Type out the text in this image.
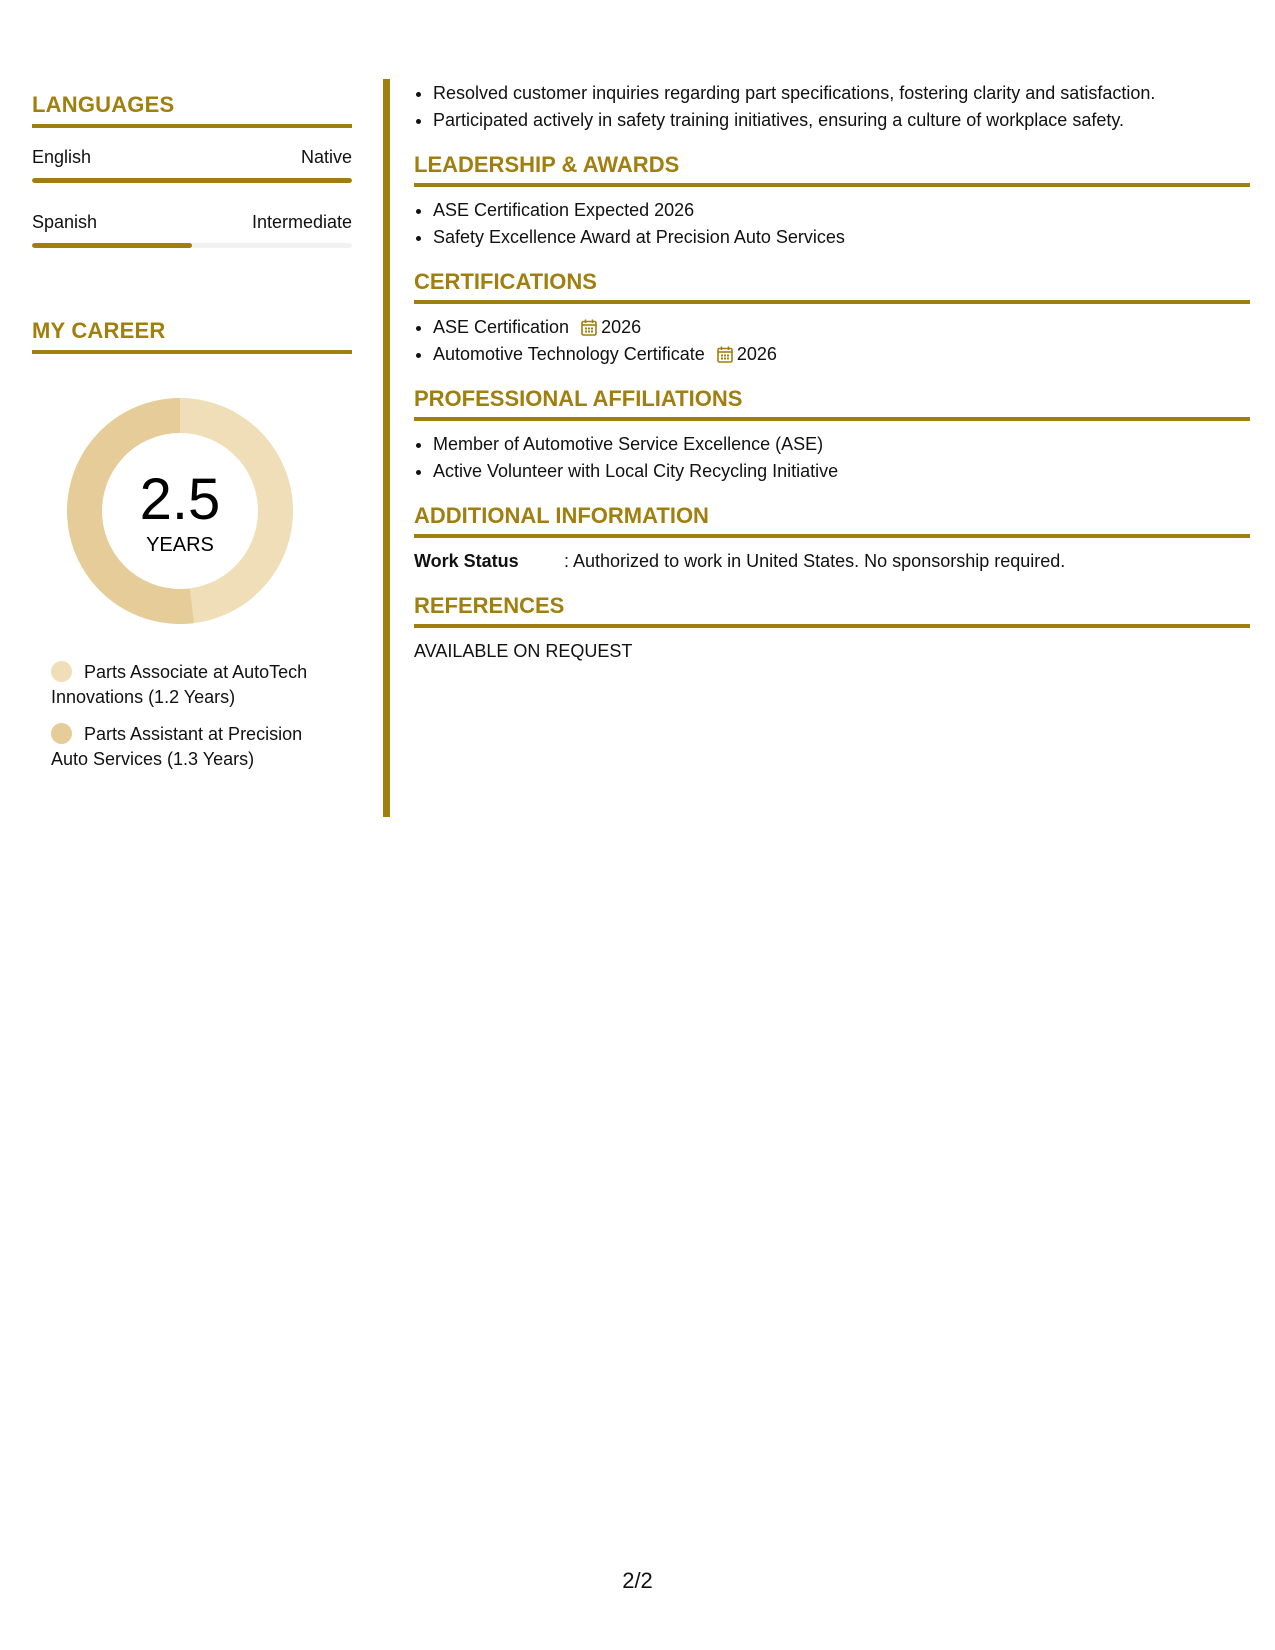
LANGUAGES
English	Native
Spanish	Intermediate
MY CAREER
2.5
YEARS
Parts Associate at AutoTech Innovations (1.2 Years)
Parts Assistant at Precision Auto Services (1.3 Years)
• Resolved customer inquiries regarding part specifications, fostering clarity and satisfaction.
• Participated actively in safety training initiatives, ensuring a culture of workplace safety.
LEADERSHIP & AWARDS
• ASE Certification Expected 2026
• Safety Excellence Award at Precision Auto Services
CERTIFICATIONS
• ASE Certification 2026
• Automotive Technology Certificate 2026
PROFESSIONAL AFFILIATIONS
• Member of Automotive Service Excellence (ASE)
• Active Volunteer with Local City Recycling Initiative
ADDITIONAL INFORMATION
Work Status	: Authorized to work in United States. No sponsorship required.
REFERENCES
AVAILABLE ON REQUEST
2/2
